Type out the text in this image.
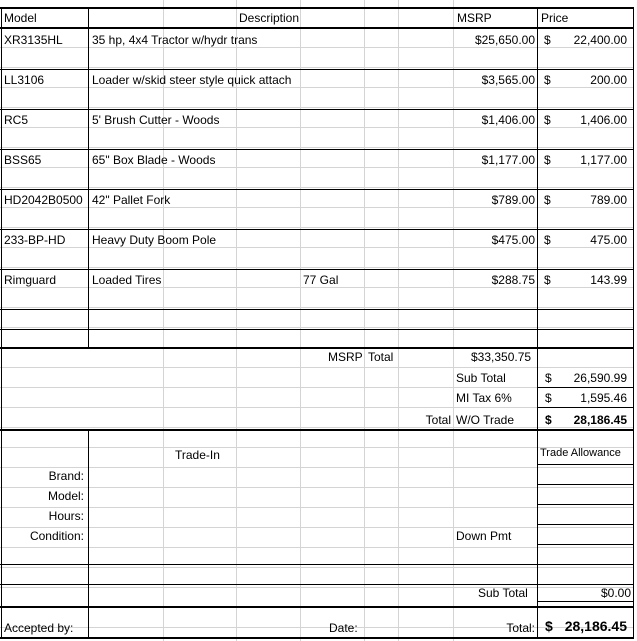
Model	Description	MSRP	Price
XR3135HL 35 hp, 4x4 Tractor w/hydr trans	$25,650.00 $	22,400.00
LL3106	Loader w/skid steer style quick attach	$3,565.00 $	200.00
RC5	5' Brush Cutter - Woods	$1,406.00 $	1,406.00
BSS65	65" Box Blade - Woods	$1,177.00 $	1,177.00
HD2042B0500 42" Pallet Fork	$789.00 $	789.00
233-BP-HD Heavy Duty Boom Pole	$475.00 $	475.00
Rimguard	Loaded Tires	77 Gal	$288.75 $	143.99
MSRP Total	$33,350.75
Sub Total	$	26,590.99
MI Tax 6%	$	1,595.46
Total W/O Trade	$	28,186.45
Trade-In	Trade Allowance
Brand:
Model:
Hours:
Condition:	Down Pmt
Sub Total	$0.00
Accepted by:	Date:	Total: $ 28,186.45
